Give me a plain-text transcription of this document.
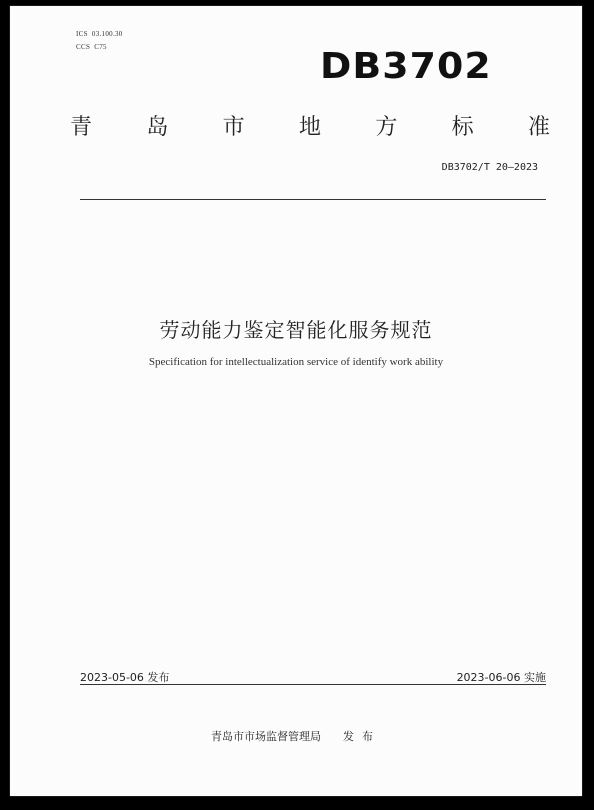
ICS  03.100.30
CCS  C75	DB3702
青 岛 市 地 方 标 准
DB3702/T 20—2023
劳动能力鉴定智能化服务规范
Specification for intellectualization service of identify work ability
2023-05-06 发布	2023-06-06 实施
青岛市市场监督管理局 发布
